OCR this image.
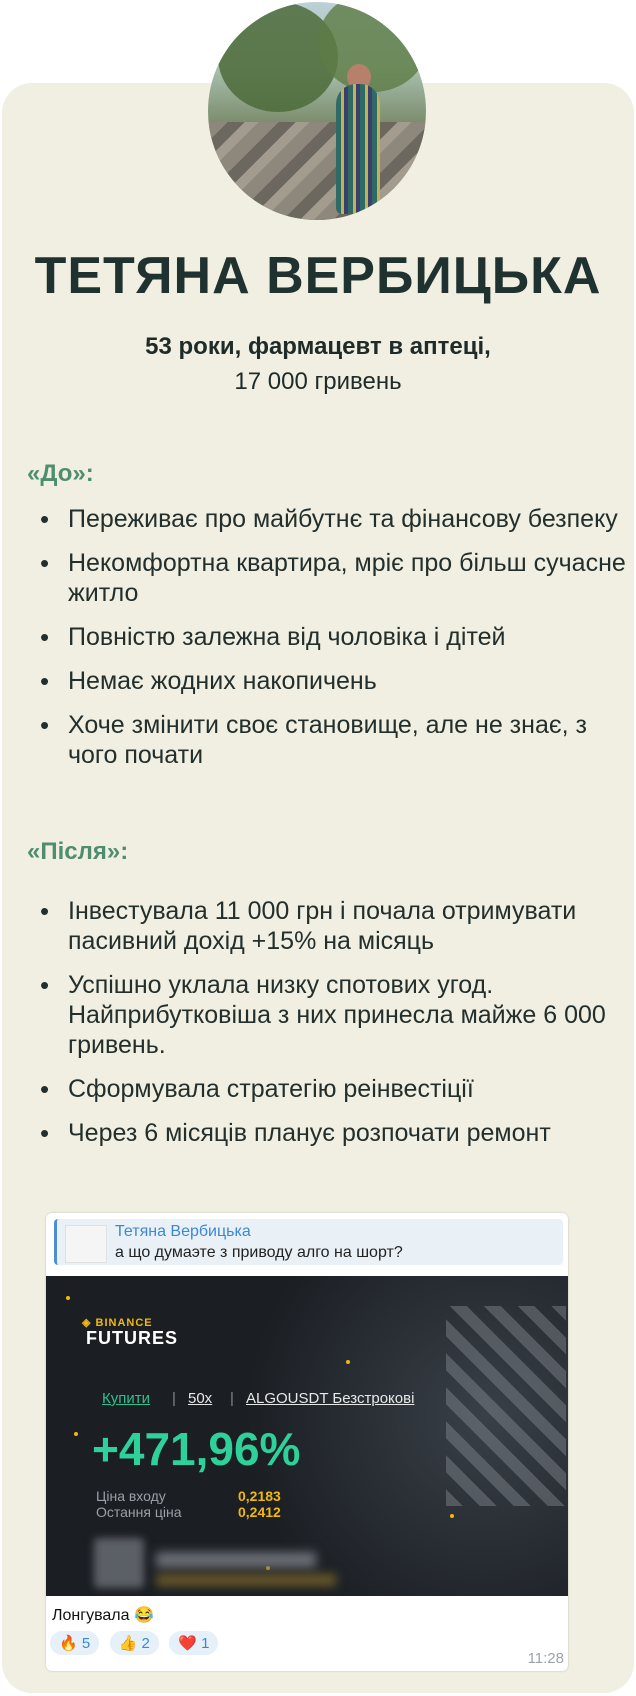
ТЕТЯНА ВЕРБИЦЬКА
53 роки, фармацевт в аптеці,
17 000 гривень
«До»:
• Переживає про майбутнє та фінансову безпеку
• Некомфортна квартира, мріє про більш сучасне житло
• Повністю залежна від чоловіка і дітей
• Немає жодних накопичень
• Хоче змінити своє становище, але не знає, з чого почати
«Після»:
• Інвестувала 11 000 грн і почала отримувати пасивний дохід +15% на місяць
• Успішно уклала низку спотових угод. Найприбутковіша з них принесла майже 6 000 гривень.
• Сформувала стратегію реінвестіції
• Через 6 місяців планує розпочати ремонт
Тетяна Вербицька
а що думаэте з приводу алго на шорт?
◈ BINANCE
FUTURES
Купити | 50x | ALGOUSDT Безстрокові
+471,96%
Ціна входу	0,2183
Остання ціна	0,2412
Лонгувала 😂
🔥 5 👍 2 ❤️ 1
11:28
